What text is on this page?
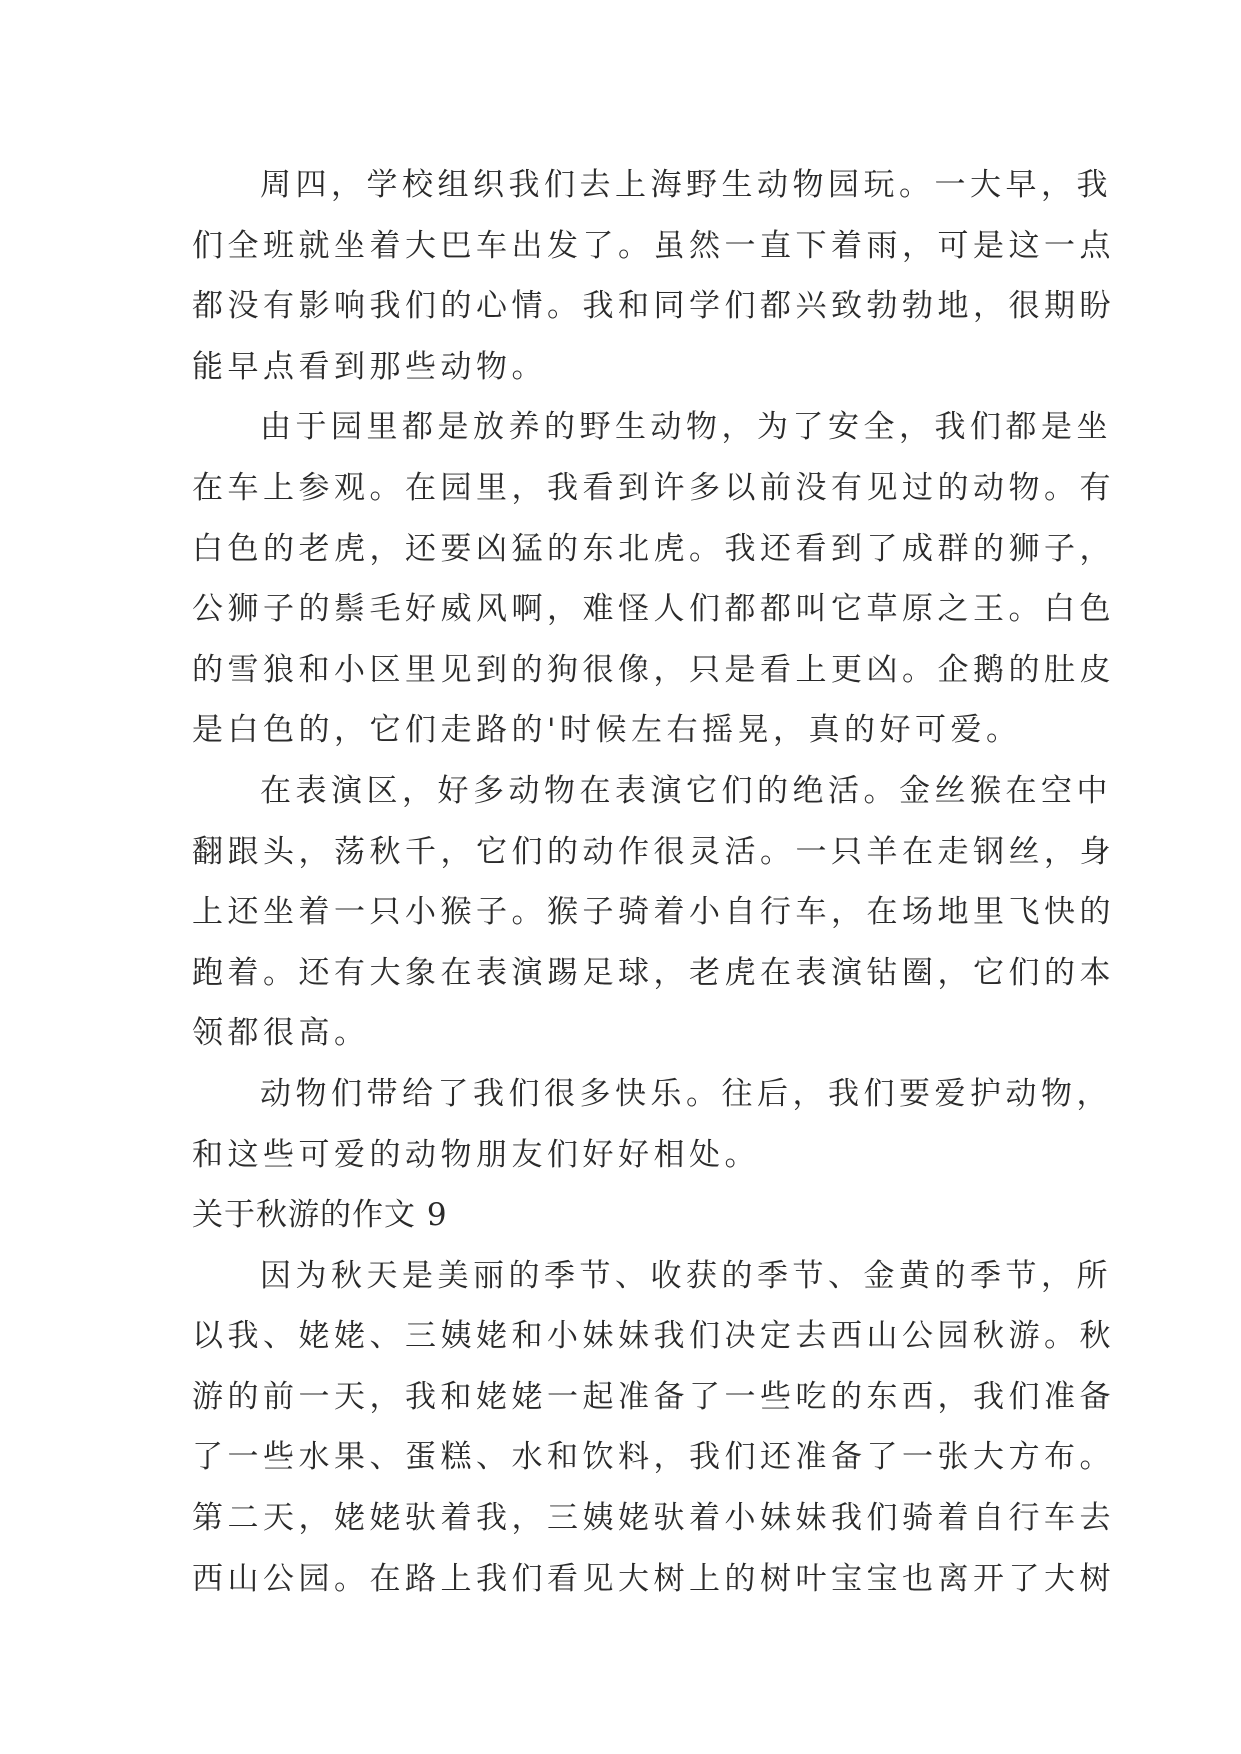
周四，学校组织我们去上海野生动物园玩。一大早，我
们全班就坐着大巴车出发了。虽然一直下着雨，可是这一点
都没有影响我们的心情。我和同学们都兴致勃勃地，很期盼
能早点看到那些动物。
由于园里都是放养的野生动物，为了安全，我们都是坐
在车上参观。在园里，我看到许多以前没有见过的动物。有
白色的老虎，还要凶猛的东北虎。我还看到了成群的狮子，
公狮子的鬃毛好威风啊，难怪人们都都叫它草原之王。白色
的雪狼和小区里见到的狗很像，只是看上更凶。企鹅的肚皮
是白色的，它们走路的'时候左右摇晃，真的好可爱。
在表演区，好多动物在表演它们的绝活。金丝猴在空中
翻跟头，荡秋千，它们的动作很灵活。一只羊在走钢丝，身
上还坐着一只小猴子。猴子骑着小自行车，在场地里飞快的
跑着。还有大象在表演踢足球，老虎在表演钻圈，它们的本
领都很高。
动物们带给了我们很多快乐。往后，我们要爱护动物，
和这些可爱的动物朋友们好好相处。
关于秋游的作文 9
因为秋天是美丽的季节、收获的季节、金黄的季节，所
以我、姥姥、三姨姥和小妹妹我们决定去西山公园秋游。秋
游的前一天，我和姥姥一起准备了一些吃的东西，我们准备
了一些水果、蛋糕、水和饮料，我们还准备了一张大方布。
第二天，姥姥驮着我，三姨姥驮着小妹妹我们骑着自行车去
西山公园。在路上我们看见大树上的树叶宝宝也离开了大树
